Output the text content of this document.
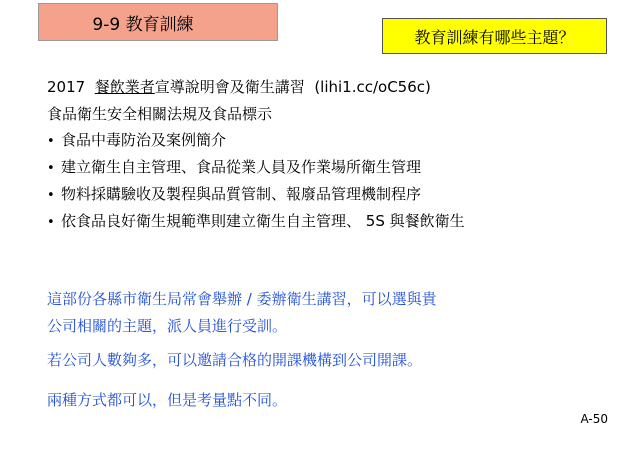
9-9 教育訓練
教育訓練有哪些主題？
2017 餐飲業者宣導說明會及衛生講習 (lihi1.cc/oC56c)
食品衛生安全相關法規及食品標示
• 食品中毒防治及案例簡介
• 建立衛生自主管理、食品從業人員及作業場所衛生管理
• 物料採購驗收及製程與品質管制、報廢品管理機制程序
• 依食品良好衛生規範準則建立衛生自主管理、 5S 與餐飲衛生
這部份各縣市衛生局常會舉辦 / 委辦衛生講習，可以選與貴
公司相關的主題，派人員進行受訓。
若公司人數夠多，可以邀請合格的開課機構到公司開課。
兩種方式都可以，但是考量點不同。
A-50
